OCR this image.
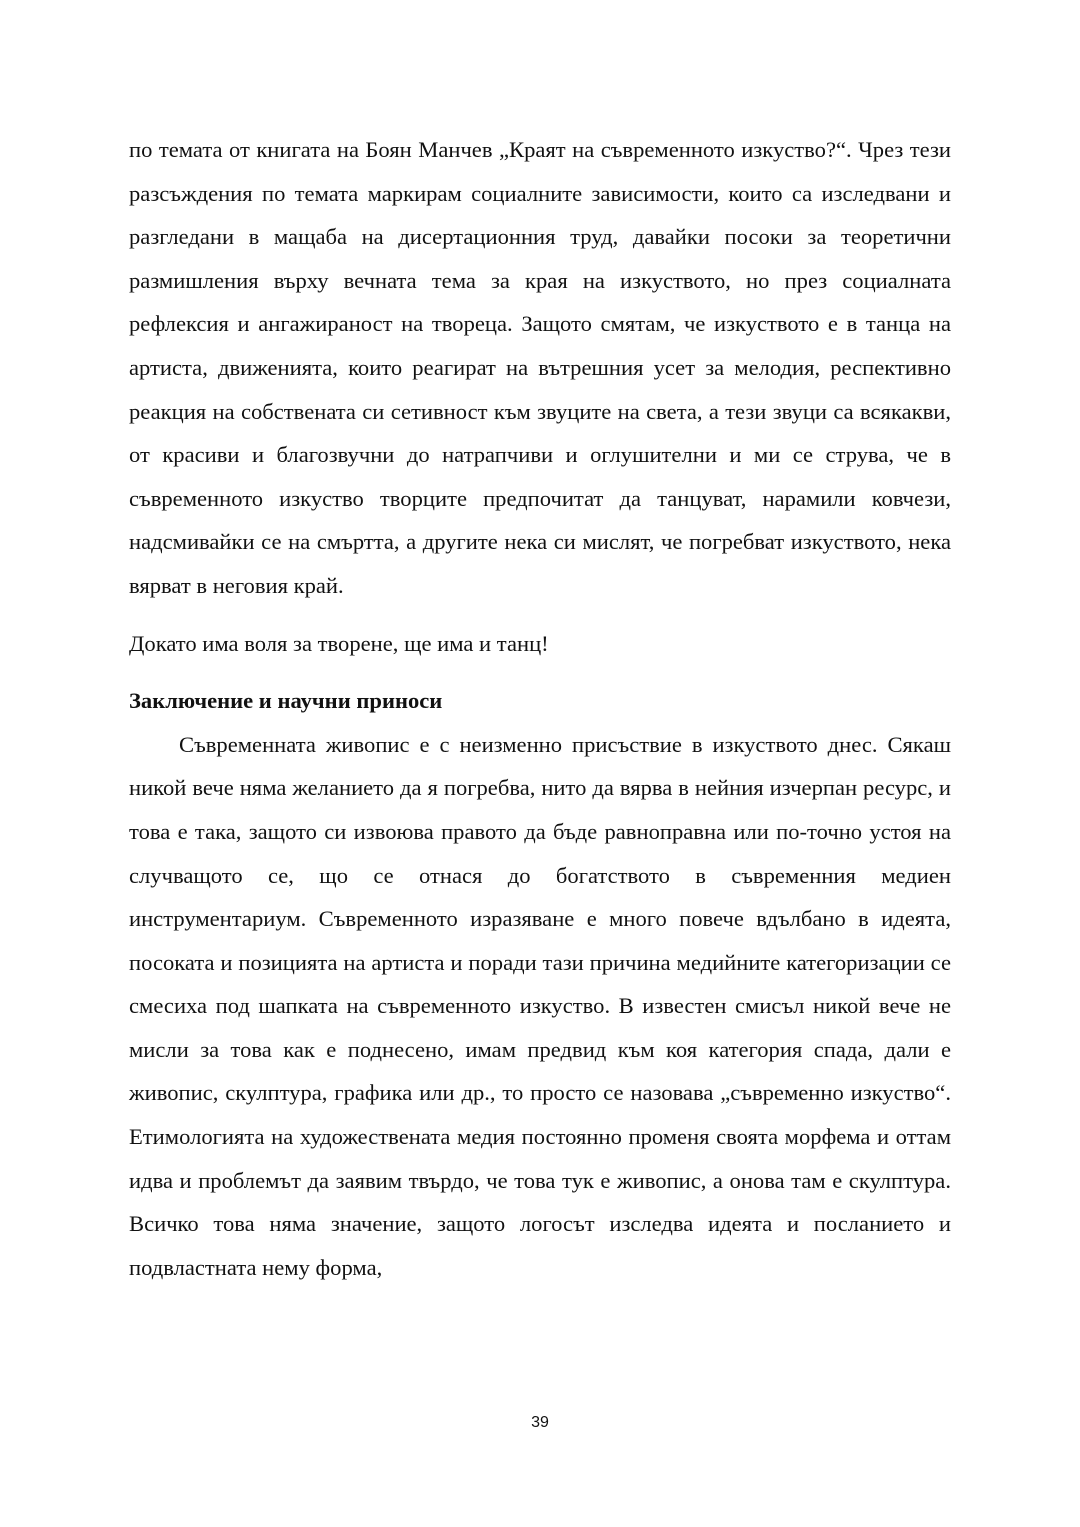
по темата от книгата на Боян Манчев „Краят на съвременното изкуство?“. Чрез тези разсъждения по темата маркирам социалните зависимости, които са изследвани и разгледани в мащаба на дисертационния труд, давайки посоки за теоретични размишления върху вечната тема за края на изкуството, но през социалната рефлексия и ангажираност на твореца. Защото смятам, че изкуството е в танца на артиста, движенията, които реагират на вътрешния усет за мелодия, респективно реакция на собствената си сетивност към звуците на света, а тези звуци са всякакви, от красиви и благозвучни до натрапчиви и оглушителни и ми се струва, че в съвременното изкуство творците предпочитат да танцуват, нарамили ковчези, надсмивайки се на смъртта, а другите нека си мислят, че погребват изкуството, нека вярват в неговия край.

Докато има воля за творене, ще има и танц!

Заключение и научни приноси

Съвременната живопис е с неизменно присъствие в изкуството днес. Сякаш никой вече няма желанието да я погребва, нито да вярва в нейния изчерпан ресурс, и това е така, защото си извоюва правото да бъде равноправна или по-точно устоя на случващото се, що се отнася до богатството в съвременния медиен инструментариум. Съвременното изразяване е много повече вдълбано в идеята, посоката и позицията на артиста и поради тази причина медийните категоризации се смесиха под шапката на съвременното изкуство. В известен смисъл никой вече не мисли за това как е поднесено, имам предвид към коя категория спада, дали е живопис, скулптура, графика или др., то просто се назовава „съвременно изкуство“. Етимологията на художествената медия постоянно променя своята морфема и оттам идва и проблемът да заявим твърдо, че това тук е живопис, а онова там е скулптура. Всичко това няма значение, защото логосът изследва идеята и посланието и подвластната нему форма,

39
